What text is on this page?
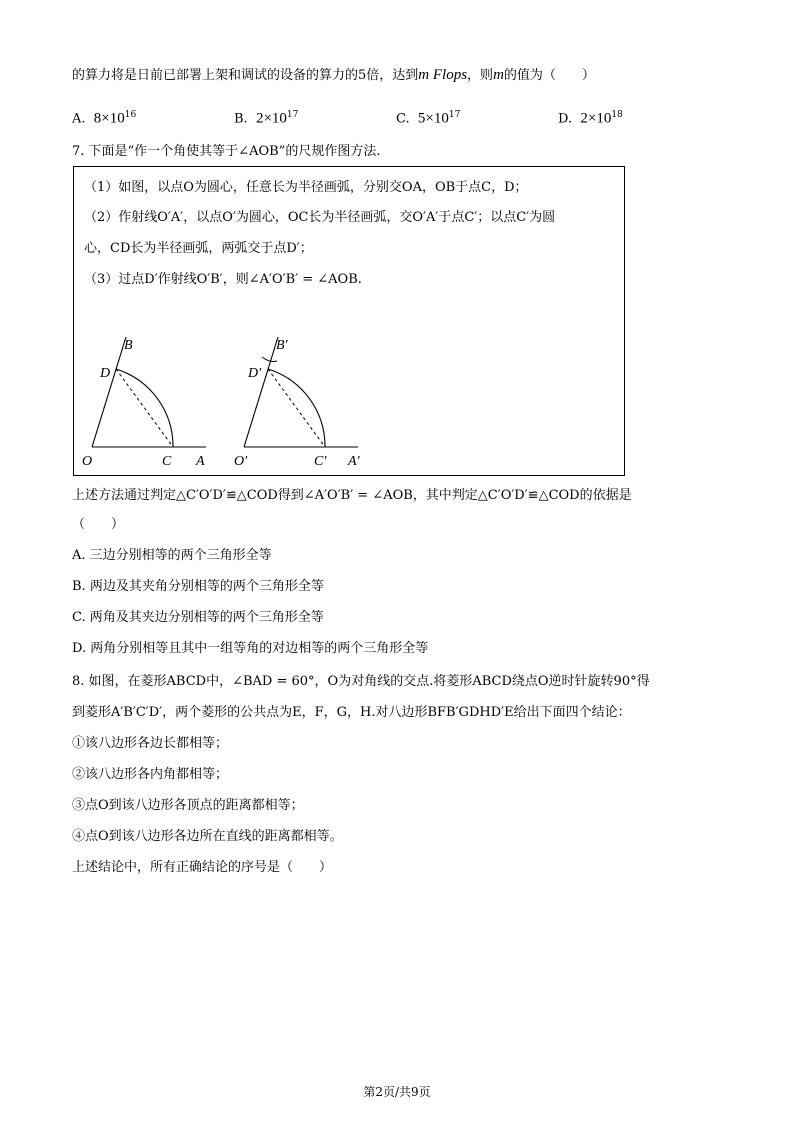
的算力将是日前已部署上架和调试的设备的算力的5倍，达到m Flops，则m的值为（　　）
A. $8\times 10^{16}$	B. $2\times 10^{17}$	C. $5\times 10^{17}$	D. $2\times 10^{18}$
7. 下面是“作一个角使其等于∠AOB”的尺规作图方法.
（1）如图，以点O为圆心，任意长为半径画弧，分别交OA，OB于点C，D；
（2）作射线O′A′，以点O′为圆心，OC长为半径画弧，交O′A′于点C′；以点C′为圆
心，CD长为半径画弧，两弧交于点D′；
（3）过点D′作射线O′B′，则∠A′O′B′ = ∠AOB.
B
D
O	C A
B′
D′
O′	C′ A′
上述方法通过判定△C′O′D′≌△COD得到∠A′O′B′ = ∠AOB，其中判定△C′O′D′≌△COD的依据是
（　　）
A. 三边分别相等的两个三角形全等
B. 两边及其夹角分别相等的两个三角形全等
C. 两角及其夹边分别相等的两个三角形全等
D. 两角分别相等且其中一组等角的对边相等的两个三角形全等
8. 如图，在菱形ABCD中，∠BAD = 60°，O为对角线的交点.将菱形ABCD绕点O逆时针旋转90°得
到菱形A′B′C′D′，两个菱形的公共点为E，F，G，H.对八边形BFB′GDHD′E给出下面四个结论：
①该八边形各边长都相等；
②该八边形各内角都相等；
③点O到该八边形各顶点的距离都相等；
④点O到该八边形各边所在直线的距离都相等。
上述结论中，所有正确结论的序号是（　　）
第2页/共9页
